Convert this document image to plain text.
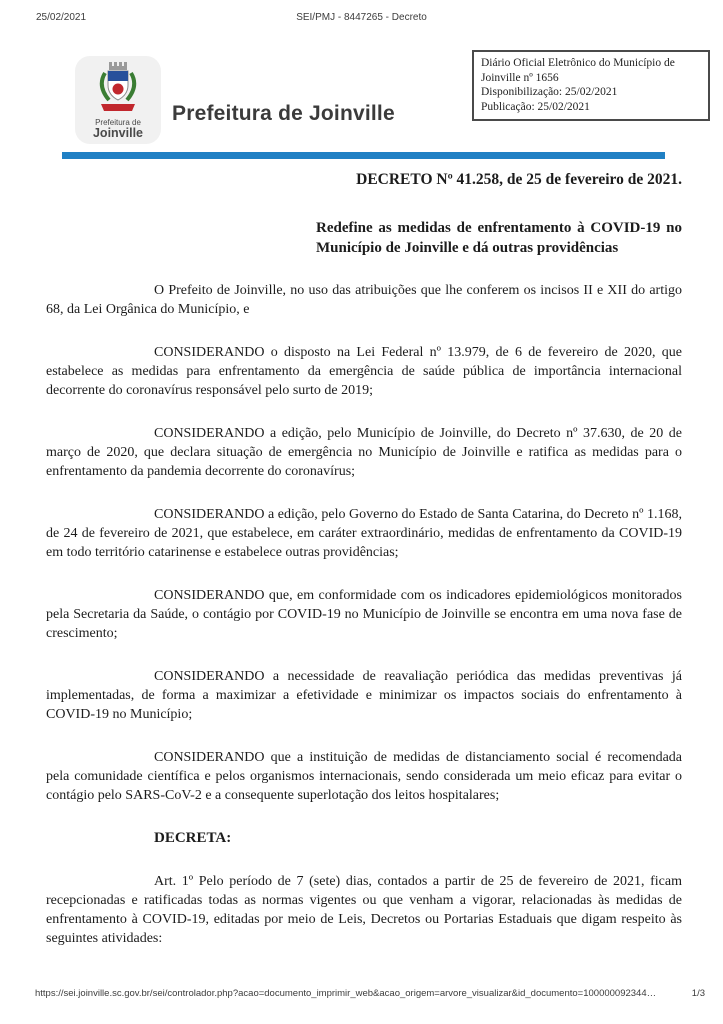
25/02/2021	SEI/PMJ - 8447265 - Decreto
Prefeitura de
Joinville
Prefeitura de Joinville
Diário Oficial Eletrônico do Município de Joinville nº 1656
Disponibilização: 25/02/2021
Publicação: 25/02/2021
DECRETO Nº 41.258, de 25 de fevereiro de 2021.
Redefine as medidas de enfrentamento à COVID-19 no Município de Joinville e dá outras providências
O Prefeito de Joinville, no uso das atribuições que lhe conferem os incisos II e XII do artigo 68, da Lei Orgânica do Município, e
CONSIDERANDO o disposto na Lei Federal nº 13.979, de 6 de fevereiro de 2020, que estabelece as medidas para enfrentamento da emergência de saúde pública de importância internacional decorrente do coronavírus responsável pelo surto de 2019;
CONSIDERANDO a edição, pelo Município de Joinville, do Decreto nº 37.630, de 20 de março de 2020, que declara situação de emergência no Município de Joinville e ratifica as medidas para o enfrentamento da pandemia decorrente do coronavírus;
CONSIDERANDO a edição, pelo Governo do Estado de Santa Catarina, do Decreto nº 1.168, de 24 de fevereiro de 2021, que estabelece, em caráter extraordinário, medidas de enfrentamento da COVID-19 em todo território catarinense e estabelece outras providências;
CONSIDERANDO que, em conformidade com os indicadores epidemiológicos monitorados pela Secretaria da Saúde, o contágio por COVID-19 no Município de Joinville se encontra em uma nova fase de crescimento;
CONSIDERANDO a necessidade de reavaliação periódica das medidas preventivas já implementadas, de forma a maximizar a efetividade e minimizar os impactos sociais do enfrentamento à COVID-19 no Município;
CONSIDERANDO que a instituição de medidas de distanciamento social é recomendada pela comunidade científica e pelos organismos internacionais, sendo considerada um meio eficaz para evitar o contágio pelo SARS-CoV-2 e a consequente superlotação dos leitos hospitalares;
DECRETA:
Art. 1º Pelo período de 7 (sete) dias, contados a partir de 25 de fevereiro de 2021, ficam recepcionadas e ratificadas todas as normas vigentes ou que venham a vigorar, relacionadas às medidas de enfrentamento à COVID-19, editadas por meio de Leis, Decretos ou Portarias Estaduais que digam respeito às seguintes atividades:
https://sei.joinville.sc.gov.br/sei/controlador.php?acao=documento_imprimir_web&acao_origem=arvore_visualizar&id_documento=100000092344…	1/3
